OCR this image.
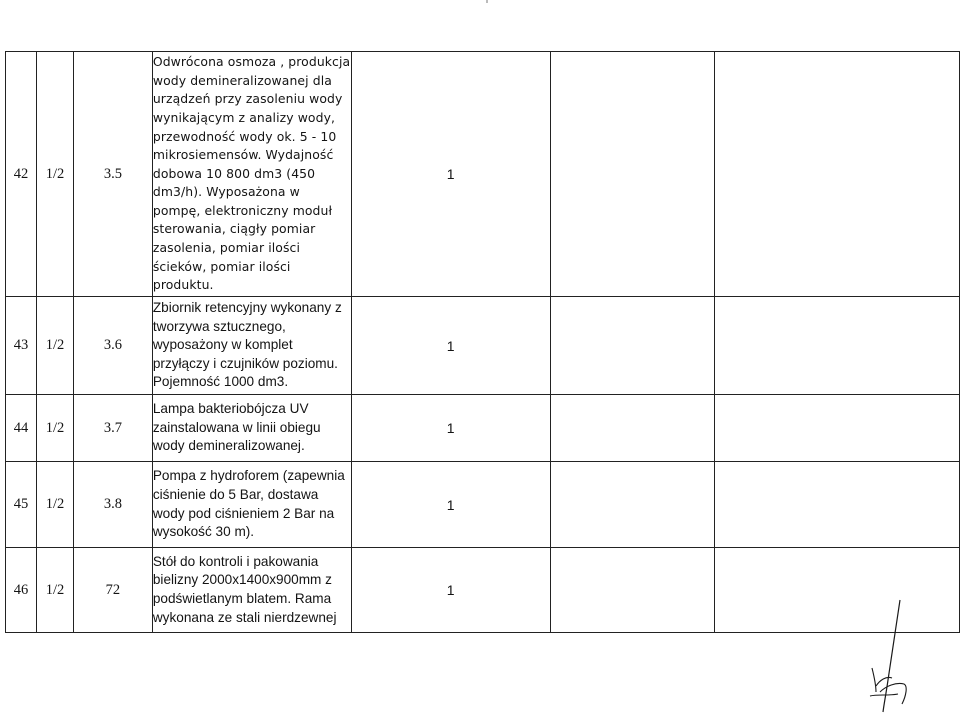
42	1/2	3.5	Odwrócona osmoza , produkcja wody demineralizowanej dla urządzeń przy zasoleniu wody wynikającym z analizy wody, przewodność wody ok. 5 - 10 mikrosiemensów. Wydajność dobowa 10 800 dm3 (450 dm3/h). Wyposażona w pompę, elektroniczny moduł sterowania, ciągły pomiar zasolenia, pomiar ilości ścieków, pomiar ilości produktu.	1		
43	1/2	3.6	Zbiornik retencyjny wykonany z tworzywa sztucznego, wyposażony w komplet przyłączy i czujników poziomu. Pojemność 1000 dm3.	1		
44	1/2	3.7	Lampa bakteriobójcza UV zainstalowana w linii obiegu wody demineralizowanej.	1		
45	1/2	3.8	Pompa z hydroforem (zapewnia ciśnienie do 5 Bar, dostawa wody pod ciśnieniem 2 Bar na wysokość 30 m).	1		
46	1/2	72	Stół do kontroli i pakowania bielizny 2000x1400x900mm z podświetlanym blatem. Rama wykonana ze stali nierdzewnej	1		
